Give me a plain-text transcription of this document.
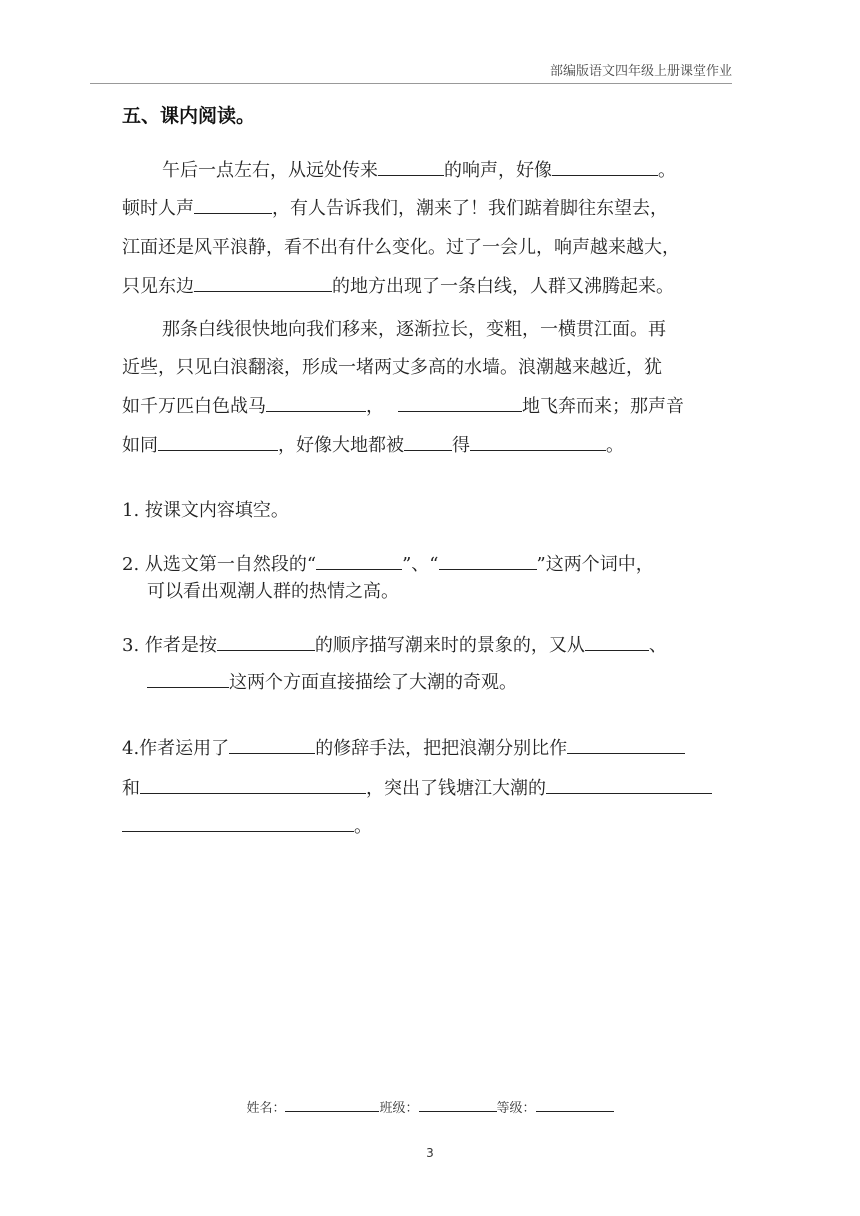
部编版语文四年级上册课堂作业
五、课内阅读。
午后一点左右，从远处传来	的响声，好像	。
顿时人声	，有人告诉我们，潮来了！我们踮着脚往东望去，
江面还是风平浪静，看不出有什么变化。过了一会儿，响声越来越大，
只见东边	的地方出现了一条白线，人群又沸腾起来。
那条白线很快地向我们移来，逐渐拉长，变粗，一横贯江面。再
近些，只见白浪翻滚，形成一堵两丈多高的水墙。浪潮越来越近，犹
如千万匹白色战马	，	地飞奔而来；那声音
如同	，好像大地都被	得	。
1. 按课文内容填空。
2. 从选文第一自然段的“	”、“	”这两个词中，
可以看出观潮人群的热情之高。
3. 作者是按	的顺序描写潮来时的景象的，又从	、
这两个方面直接描绘了大潮的奇观。
4.作者运用了	的修辞手法，把把浪潮分别比作
和	，突出了钱塘江大潮的
。
姓名：	班级：	等级：
3
